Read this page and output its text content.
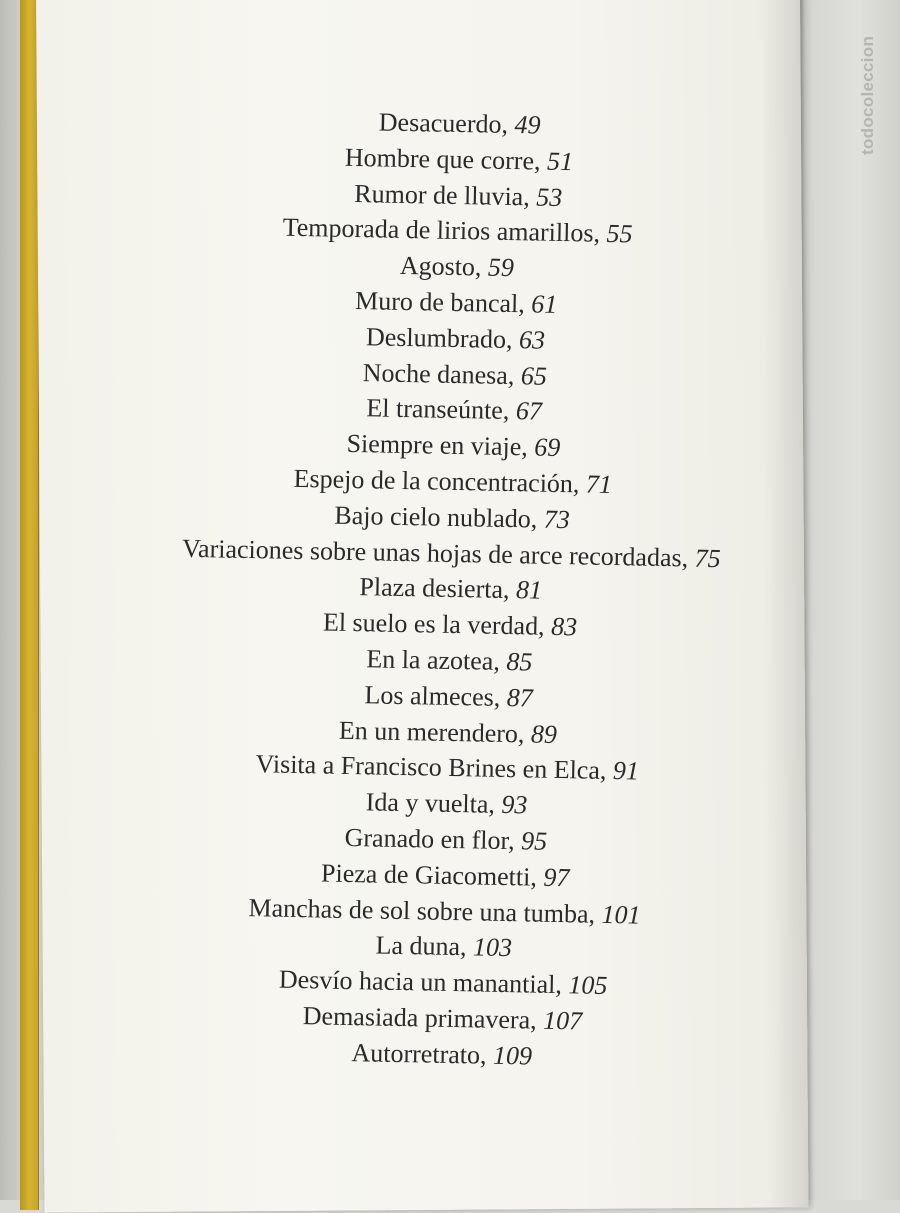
todocoleccion
Desacuerdo, 49
Hombre que corre, 51
Rumor de lluvia, 53
Temporada de lirios amarillos, 55
Agosto, 59
Muro de bancal, 61
Deslumbrado, 63
Noche danesa, 65
El transeúnte, 67
Siempre en viaje, 69
Espejo de la concentración, 71
Bajo cielo nublado, 73
Variaciones sobre unas hojas de arce recordadas, 75
Plaza desierta, 81
El suelo es la verdad, 83
En la azotea, 85
Los almeces, 87
En un merendero, 89
Visita a Francisco Brines en Elca, 91
Ida y vuelta, 93
Granado en flor, 95
Pieza de Giacometti, 97
Manchas de sol sobre una tumba, 101
La duna, 103
Desvío hacia un manantial, 105
Demasiada primavera, 107
Autorretrato, 109
